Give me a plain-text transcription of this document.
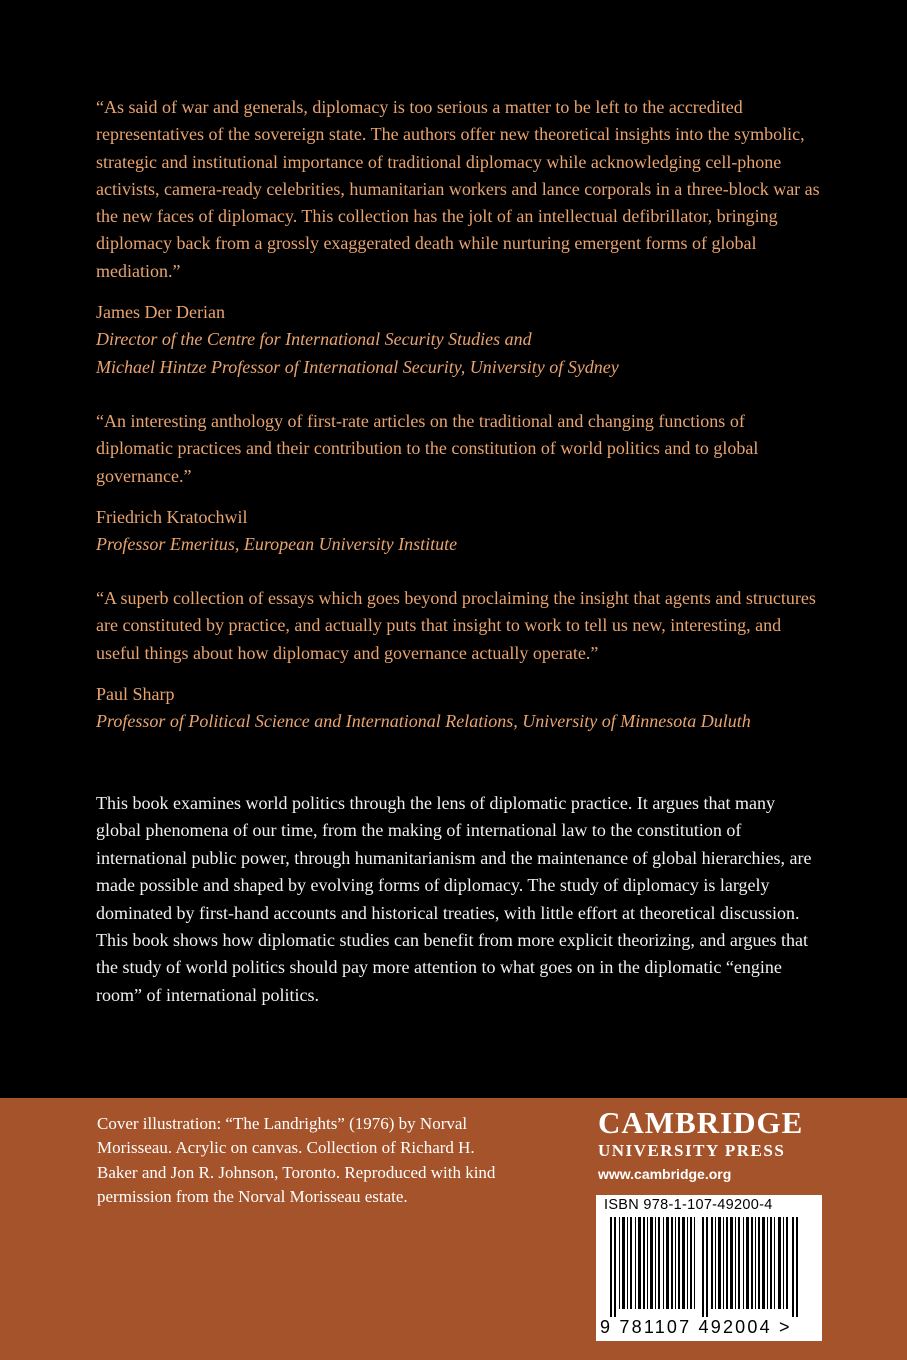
“As said of war and generals, diplomacy is too serious a matter to be left to the accredited representatives of the sovereign state. The authors offer new theoretical insights into the symbolic, strategic and institutional importance of traditional diplomacy while acknowledging cell-phone activists, camera-ready celebrities, humanitarian workers and lance corporals in a three-block war as the new faces of diplomacy. This collection has the jolt of an intellectual defibrillator, bringing diplomacy back from a grossly exaggerated death while nurturing emergent forms of global mediation.”
James Der Derian
Director of the Centre for International Security Studies and
Michael Hintze Professor of International Security, University of Sydney
“An interesting anthology of first-rate articles on the traditional and changing functions of diplomatic practices and their contribution to the constitution of world politics and to global governance.”
Friedrich Kratochwil
Professor Emeritus, European University Institute
“A superb collection of essays which goes beyond proclaiming the insight that agents and structures are constituted by practice, and actually puts that insight to work to tell us new, interesting, and useful things about how diplomacy and governance actually operate.”
Paul Sharp
Professor of Political Science and International Relations, University of Minnesota Duluth
This book examines world politics through the lens of diplomatic practice. It argues that many global phenomena of our time, from the making of international law to the constitution of international public power, through humanitarianism and the maintenance of global hierarchies, are made possible and shaped by evolving forms of diplomacy. The study of diplomacy is largely dominated by first-hand accounts and historical treaties, with little effort at theoretical discussion. This book shows how diplomatic studies can benefit from more explicit theorizing, and argues that the study of world politics should pay more attention to what goes on in the diplomatic “engine room” of international politics.
Cover illustration: “The Landrights” (1976) by Norval Morisseau. Acrylic on canvas. Collection of Richard H. Baker and Jon R. Johnson, Toronto. Reproduced with kind permission from the Norval Morisseau estate.
CAMBRIDGE
UNIVERSITY PRESS
www.cambridge.org
ISBN 978-1-107-49200-4
9 781107 492004 >
